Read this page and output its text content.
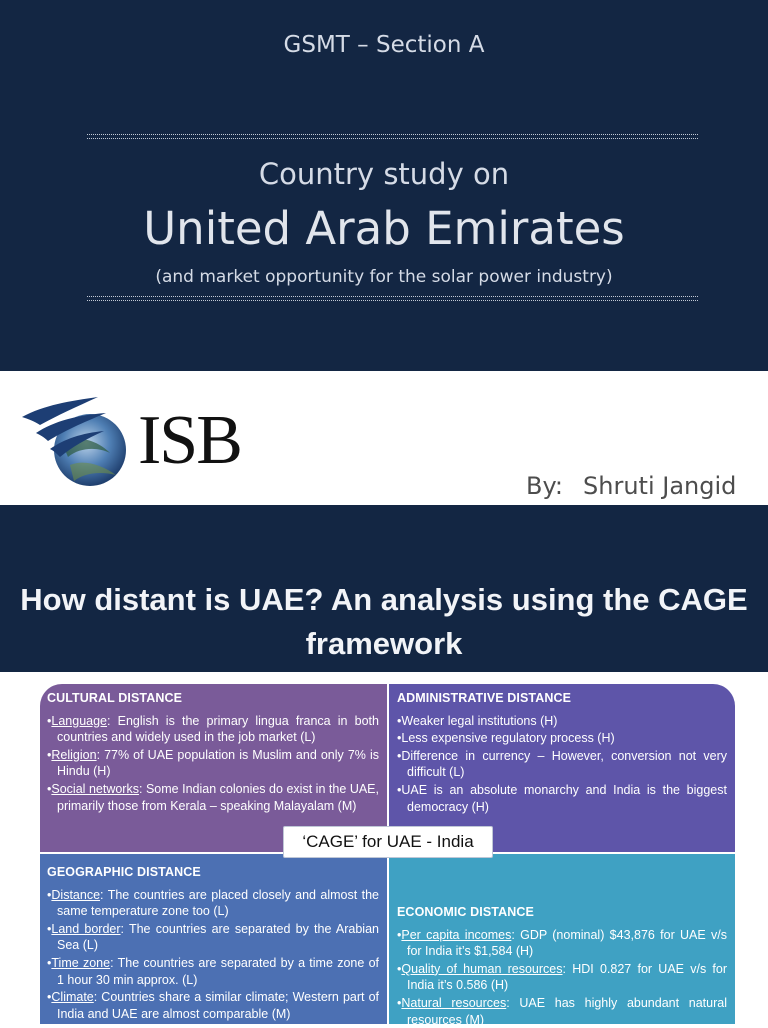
GSMT – Section A
Country study on
United Arab Emirates
(and market opportunity for the solar power industry)
ISB
By: Shruti Jangid
How distant is UAE? An analysis using the CAGE framework
CULTURAL DISTANCE
•Language: English is the primary lingua franca in both countries and widely used in the job market (L)
•Religion: 77% of UAE population is Muslim and only 7% is Hindu (H)
•Social networks: Some Indian colonies do exist in the UAE, primarily those from Kerala – speaking Malayalam (M)
ADMINISTRATIVE DISTANCE
•Weaker legal institutions (H)
•Less expensive regulatory process (H)
•Difference in currency – However, conversion not very difficult (L)
•UAE is an absolute monarchy and India is the biggest democracy (H)
GEOGRAPHIC DISTANCE
•Distance: The countries are placed closely and almost the same temperature zone too (L)
•Land border: The countries are separated by the Arabian Sea (L)
•Time zone: The countries are separated by a time zone of 1 hour 30 min approx. (L)
•Climate: Countries share a similar climate; Western part of India and UAE are almost comparable (M)
ECONOMIC DISTANCE
•Per capita incomes: GDP (nominal) $43,876 for UAE v/s for India it’s $1,584 (H)
•Quality of human resources: HDI 0.827 for UAE v/s for India it’s 0.586 (H)
•Natural resources: UAE has highly abundant natural resources (M)
‘CAGE’ for UAE - India
